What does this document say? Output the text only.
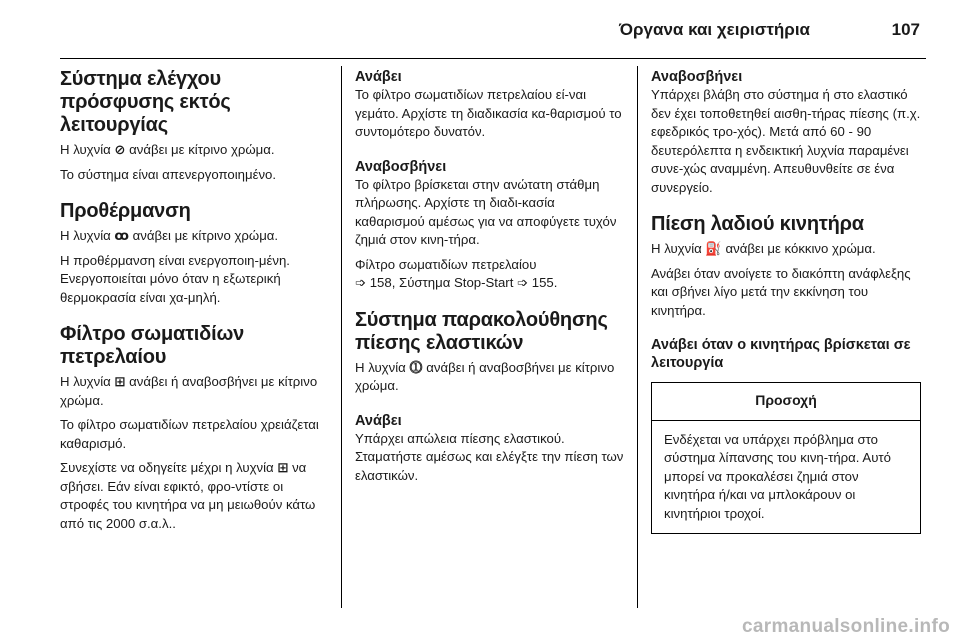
Όργανα και χειριστήρια	107
Σύστημα ελέγχου πρόσφυσης εκτός λειτουργίας

Η λυχνία ⊘ ανάβει με κίτρινο χρώμα.

Το σύστημα είναι απενεργοποιημένο.

Προθέρμανση

Η λυχνία ꝏ ανάβει με κίτρινο χρώμα.

Η προθέρμανση είναι ενεργοποιη-μένη. Ενεργοποιείται μόνο όταν η εξωτερική θερμοκρασία είναι χα-μηλή.

Φίλτρο σωματιδίων πετρελαίου

Η λυχνία ⊞ ανάβει ή αναβοσβήνει με κίτρινο χρώμα.

Το φίλτρο σωματιδίων πετρελαίου χρειάζεται καθαρισμό.

Συνεχίστε να οδηγείτε μέχρι η λυχνία ⊞ να σβήσει. Εάν είναι εφικτό, φρο-ντίστε οι στροφές του κινητήρα να μη μειωθούν κάτω από τις 2000 σ.α.λ..

Ανάβει

Το φίλτρο σωματιδίων πετρελαίου εί-ναι γεμάτο. Αρχίστε τη διαδικασία κα-θαρισμού το συντομότερο δυνατόν.

Αναβοσβήνει

Το φίλτρο βρίσκεται στην ανώτατη στάθμη πλήρωσης. Αρχίστε τη διαδι-κασία καθαρισμού αμέσως για να αποφύγετε τυχόν ζημιά στον κινη-τήρα.

Φίλτρο σωματιδίων πετρελαίου
➩ 158, Σύστημα Stop-Start ➩ 155.

Σύστημα παρακολούθησης πίεσης ελαστικών

Η λυχνία ⓵ ανάβει ή αναβοσβήνει με κίτρινο χρώμα.

Ανάβει

Υπάρχει απώλεια πίεσης ελαστικού. Σταματήστε αμέσως και ελέγξτε την πίεση των ελαστικών.

Αναβοσβήνει

Υπάρχει βλάβη στο σύστημα ή στο ελαστικό δεν έχει τοποθετηθεί αισθη-τήρας πίεσης (π.χ. εφεδρικός τρο-χός). Μετά από 60 - 90 δευτερόλεπτα η ενδεικτική λυχνία παραμένει συνε-χώς αναμμένη. Απευθυνθείτε σε ένα συνεργείο.

Πίεση λαδιού κινητήρα

Η λυχνία ⛽ ανάβει με κόκκινο χρώμα.

Ανάβει όταν ανοίγετε το διακόπτη ανάφλεξης και σβήνει λίγο μετά την εκκίνηση του κινητήρα.

Ανάβει όταν ο κινητήρας βρίσκεται σε λειτουργία
Προσοχή
Ενδέχεται να υπάρχει πρόβλημα στο σύστημα λίπανσης του κινη-τήρα. Αυτό μπορεί να προκαλέσει ζημιά στον κινητήρα ή/και να μπλοκάρουν οι κινητήριοι τροχοί.
carmanualsonline.info
